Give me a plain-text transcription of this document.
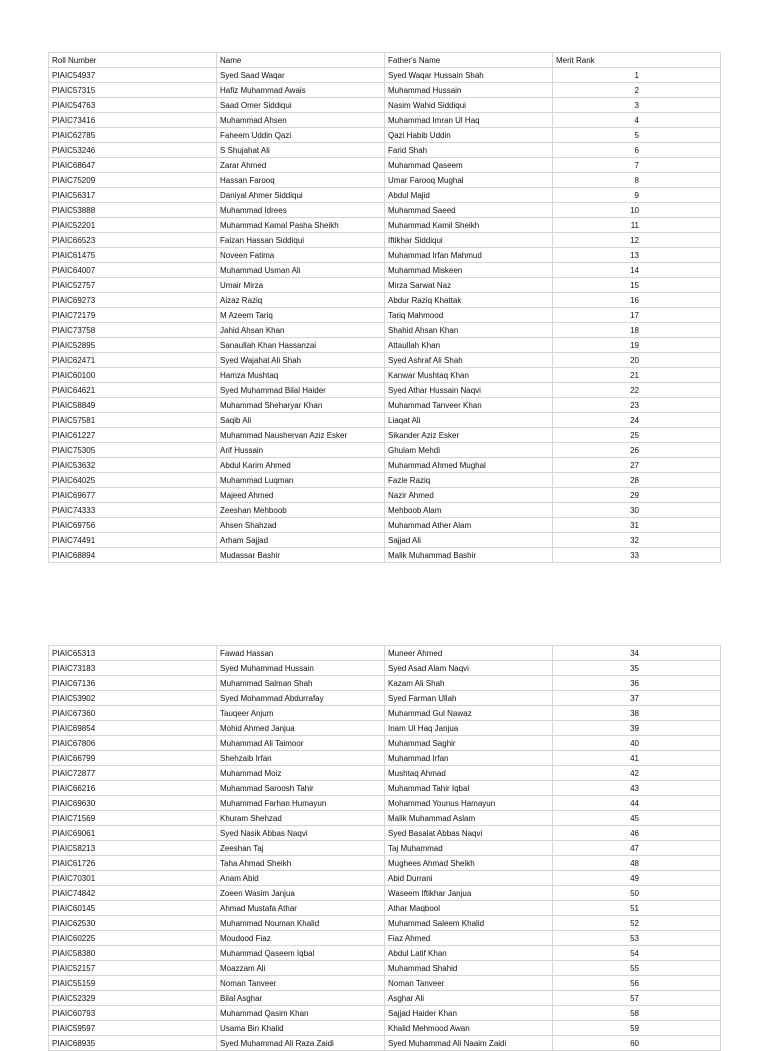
Roll Number	Name	Father's Name	Merit Rank
PIAIC54937	Syed Saad Waqar	Syed Waqar Hussain Shah	1
PIAIC57315	Hafiz Muhammad Awais	Muhammad Hussain	2
PIAIC54763	Saad Omer Siddiqui	Nasim Wahid Siddiqui	3
PIAIC73416	Muhammad Ahsen	Muhammad Imran Ul Haq	4
PIAIC62785	Faheem Uddin Qazi	Qazi Habib Uddin	5
PIAIC53246	S Shujahat Ali	Farid Shah	6
PIAIC68647	Zarar Ahmed	Muhammad Qaseem	7
PIAIC75209	Hassan Farooq	Umar Farooq Mughal	8
PIAIC56317	Daniyal Ahmer Siddiqui	Abdul Majid	9
PIAIC53888	Muhammad Idrees	Muhammad Saeed	10
PIAIC52201	Muhammad Kamal Pasha Sheikh	Muhammad Kamil Sheikh	11
PIAIC66523	Faizan Hassan Siddiqui	Iftikhar Siddiqui	12
PIAIC61475	Noveen Fatima	Muhammad Irfan Mahmud	13
PIAIC64007	Muhammad Usman Ali	Muhammad Miskeen	14
PIAIC52757	Umair Mirza	Mirza Sarwat Naz	15
PIAIC69273	Aizaz Raziq	Abdur Raziq Khattak	16
PIAIC72179	M Azeem Tariq	Tariq Mahmood	17
PIAIC73758	Jahid Ahsan Khan	Shahid Ahsan Khan	18
PIAIC52895	Sanaullah Khan Hassanzai	Attaullah Khan	19
PIAIC62471	Syed Wajahat Ali Shah	Syed Ashraf Ali Shah	20
PIAIC60100	Hamza Mushtaq	Kanwar Mushtaq Khan	21
PIAIC64621	Syed Muhammad Bilal Haider	Syed Athar Hussain Naqvi	22
PIAIC58849	Muhammad Sheharyar Khan	Muhammad Tanveer Khan	23
PIAIC57581	Saqib Ali	Liaqat Ali	24
PIAIC61227	Muhammad Naushervan Aziz Esker	Sikander Aziz Esker	25
PIAIC75305	Arif Hussain	Ghulam Mehdi	26
PIAIC53632	Abdul Karim Ahmed	Muhammad Ahmed Mughal	27
PIAIC64025	Muhammad Luqman	Fazle Raziq	28
PIAIC69677	Majeed Ahmed	Nazir Ahmed	29
PIAIC74333	Zeeshan Mehboob	Mehboob Alam	30
PIAIC69756	Ahsen Shahzad	Muhammad Ather Alam	31
PIAIC74491	Arham Sajjad	Sajjad Ali	32
PIAIC68894	Mudassar Bashir	Malik Muhammad Bashir	33
PIAIC65313	Fawad Hassan	Muneer Ahmed	34
PIAIC73183	Syed Muhammad Hussain	Syed Asad Alam Naqvi	35
PIAIC67136	Muhammad Salman Shah	Kazam Ali Shah	36
PIAIC53902	Syed Mohammad Abdurrafay	Syed Farman Ullah	37
PIAIC67360	Tauqeer Anjum	Muhammad Gul Nawaz	38
PIAIC69854	Mohid Ahmed Janjua	Inam Ul Haq Janjua	39
PIAIC67806	Muhammad Ali Taimoor	Muhammad Saghir	40
PIAIC66799	Shehzaib Irfan	Muhammad Irfan	41
PIAIC72877	Muhammad Moiz	Mushtaq Ahmad	42
PIAIC66216	Muhammad Saroosh Tahir	Muhammad Tahir Iqbal	43
PIAIC69630	Muhammad Farhan Humayun	Mohammad Younus Hamayun	44
PIAIC71569	Khuram Shehzad	Malik Muhammad Aslam	45
PIAIC69061	Syed Nasik Abbas Naqvi	Syed Basalat Abbas Naqvi	46
PIAIC58213	Zeeshan Taj	Taj Muhammad	47
PIAIC61726	Taha Ahmad Sheikh	Mughees Ahmad Sheikh	48
PIAIC70301	Anam Abid	Abid Durrani	49
PIAIC74842	Zoeen Wasim Janjua	Waseem Iftikhar Janjua	50
PIAIC60145	Ahmad Mustafa Athar	Athar Maqbool	51
PIAIC62530	Muhammad Nouman Khalid	Muhammad Saleem Khalid	52
PIAIC60225	Moudood Fiaz	Fiaz Ahmed	53
PIAIC58380	Muhammad Qaseem Iqbal	Abdul Latif Khan	54
PIAIC52157	Moazzam Ali	Muhammad Shahid	55
PIAIC55159	Noman Tanveer	Noman Tanveer	56
PIAIC52329	Bilal Asghar	Asghar Ali	57
PIAIC60793	Muhammad Qasim Khan	Sajjad Haider Khan	58
PIAIC59597	Usama Bin Khalid	Khalid Mehmood Awan	59
PIAIC68935	Syed Muhammad Ali Raza Zaidi	Syed Muhammad Ali Naaim Zaidi	60
